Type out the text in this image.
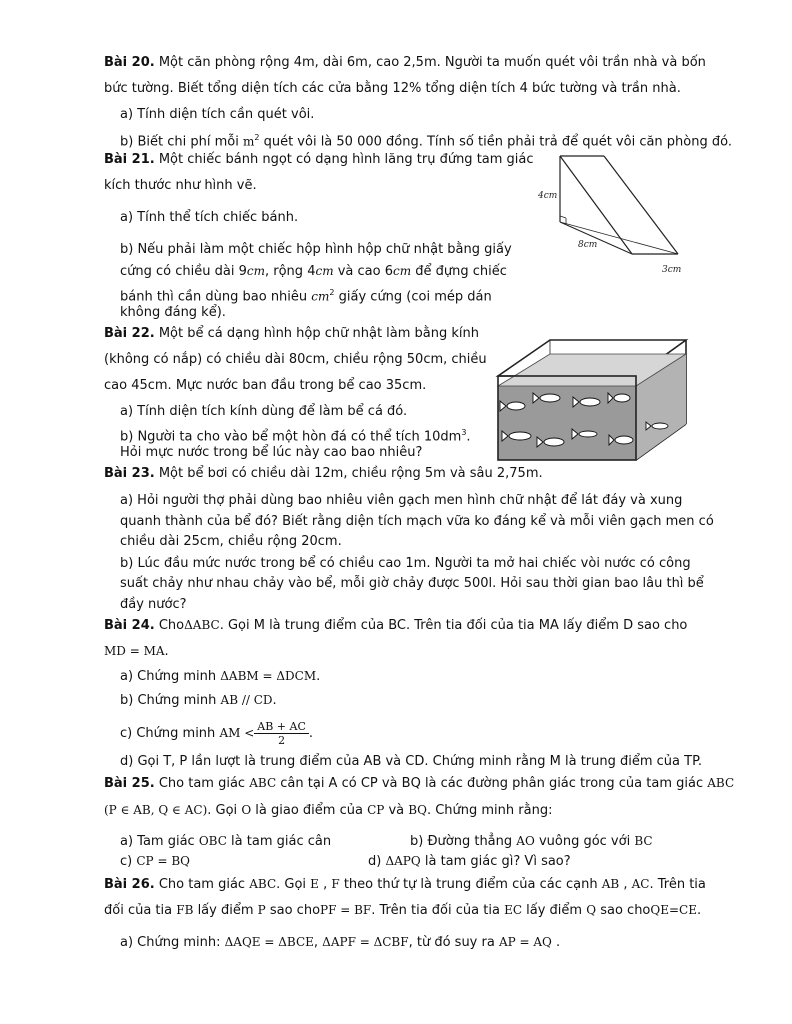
Bài 20. Một căn phòng rộng 4m, dài 6m, cao 2,5m. Người ta muốn quét vôi trần nhà và bốn
bức tường. Biết tổng diện tích các cửa bằng 12% tổng diện tích 4 bức tường và trần nhà.
a) Tính diện tích cần quét vôi.
b) Biết chi phí mỗi $m^2$ quét vôi là 50 000 đồng. Tính số tiền phải trả để quét vôi căn phòng đó.
Bài 21. Một chiếc bánh ngọt có dạng hình lăng trụ đứng tam giác
kích thước như hình vẽ.
a) Tính thể tích chiếc bánh.
b) Nếu phải làm một chiếc hộp hình hộp chữ nhật bằng giấy
cứng có chiều dài 9cm, rộng 4cm và cao 6cm để đựng chiếc
bánh thì cần dùng bao nhiêu $cm^2$ giấy cứng (coi mép dán
không đáng kể).
4cm
8cm
3cm
Bài 22. Một bể cá dạng hình hộp chữ nhật làm bằng kính
(không có nắp) có chiều dài 80cm, chiều rộng 50cm, chiều
cao 45cm. Mực nước ban đầu trong bể cao 35cm.
a) Tính diện tích kính dùng để làm bể cá đó.
b) Người ta cho vào bể một hòn đá có thể tích $10dm^3$.
Hỏi mực nước trong bể lúc này cao bao nhiêu?
Bài 23. Một bể bơi có chiều dài 12m, chiều rộng 5m và sâu 2,75m.
a) Hỏi người thợ phải dùng bao nhiêu viên gạch men hình chữ nhật để lát đáy và xung
quanh thành của bể đó? Biết rằng diện tích mạch vữa ko đáng kể và mỗi viên gạch men có
chiều dài 25cm, chiều rộng 20cm.
b) Lúc đầu mức nước trong bể có chiều cao 1m. Người ta mở hai chiếc vòi nước có công
suất chảy như nhau chảy vào bể, mỗi giờ chảy được 500l. Hỏi sau thời gian bao lâu thì bể
đầy nước?
Bài 24. ChoΔABC. Gọi M là trung điểm của BC. Trên tia đối của tia MA lấy điểm D sao cho
MD = MA.
a) Chứng minh ΔABM = ΔDCM.
b) Chứng minh AB // CD.
c) Chứng minh AM < $\frac{AB + AC}{2}$ .
d) Gọi T, P lần lượt là trung điểm của AB và CD. Chứng minh rằng M là trung điểm của TP.
Bài 25. Cho tam giác ABC cân tại A có CP và BQ là các đường phân giác trong của tam giác ABC
(P ∈ AB, Q ∈ AC). Gọi O là giao điểm của CP và BQ. Chứng minh rằng:
a) Tam giác OBC là tam giác cân	b) Đường thẳng AO vuông góc với BC
c) CP = BQ	d) ΔAPQ là tam giác gì? Vì sao?
Bài 26. Cho tam giác ABC. Gọi E , F theo thứ tự là trung điểm của các cạnh AB , AC. Trên tia
đối của tia FB lấy điểm P sao choPF = BF. Trên tia đối của tia EC lấy điểm Q sao choQE=CE.
a) Chứng minh: ΔAQE = ΔBCE, ΔAPF = ΔCBF, từ đó suy ra AP = AQ .
